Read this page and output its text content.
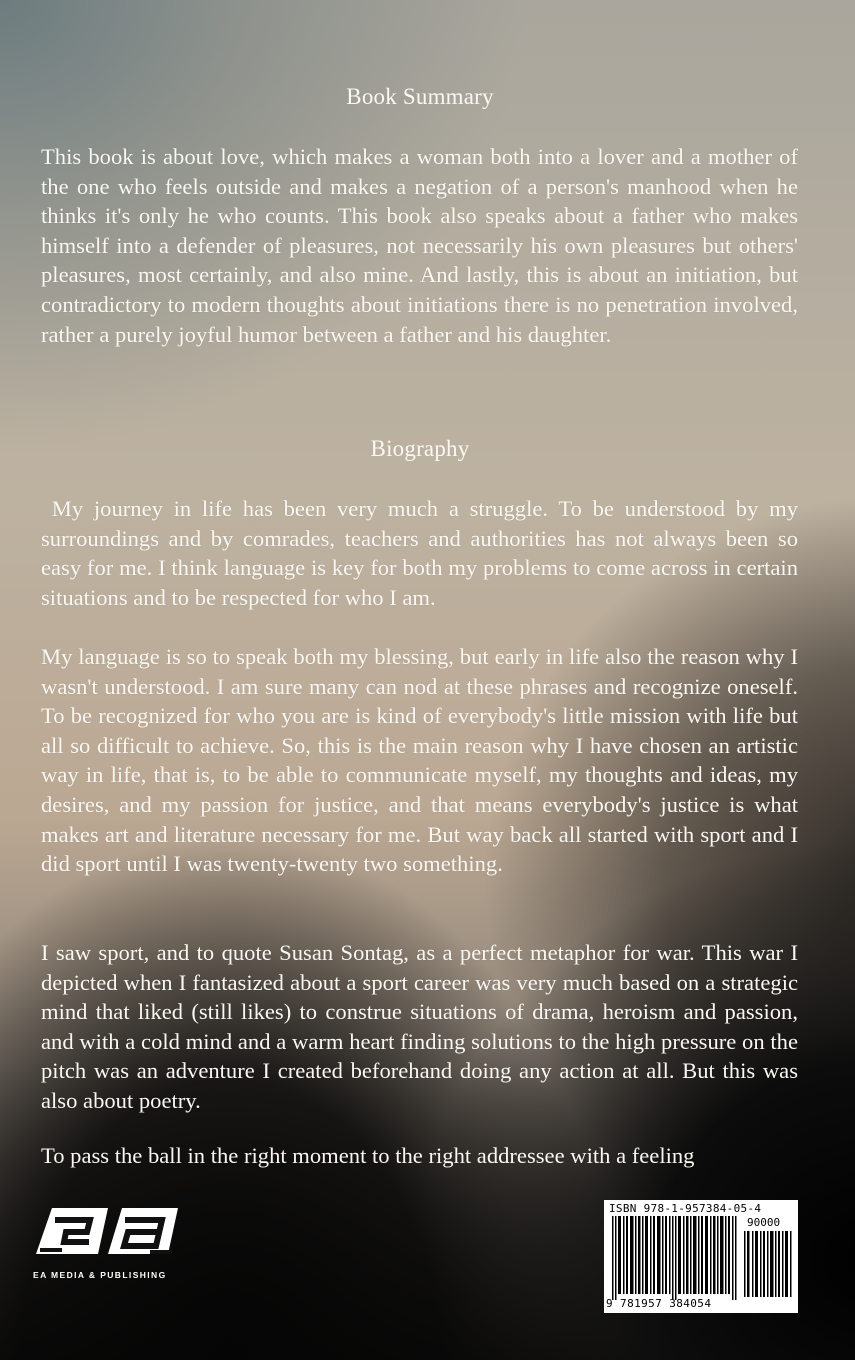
Book Summary

This book is about love, which makes a woman both into a lover and a mother of the one who feels outside and makes a negation of a person's manhood when he thinks it's only he who counts. This book also speaks about a father who makes himself into a defender of pleasures, not necessarily his own pleasures but others' pleasures, most certainly, and also mine. And lastly, this is about an initiation, but contradictory to modern thoughts about initiations there is no penetration involved, rather a purely joyful humor between a father and his daughter.

Biography

My journey in life has been very much a struggle. To be understood by my surroundings and by comrades, teachers and authorities has not always been so easy for me. I think language is key for both my problems to come across in certain situations and to be respected for who I am.

My language is so to speak both my blessing, but early in life also the reason why I wasn't understood. I am sure many can nod at these phrases and recognize oneself. To be recognized for who you are is kind of everybody's little mission with life but all so difficult to achieve. So, this is the main reason why I have chosen an artistic way in life, that is, to be able to communicate myself, my thoughts and ideas, my desires, and my passion for justice, and that means everybody's justice is what makes art and literature necessary for me. But way back all started with sport and I did sport until I was twenty-twenty two something.

I saw sport, and to quote Susan Sontag, as a perfect metaphor for war. This war I depicted when I fantasized about a sport career was very much based on a strategic mind that liked (still likes) to construe situations of drama, heroism and passion, and with a cold mind and a warm heart finding solutions to the high pressure on the pitch was an adventure I created beforehand doing any action at all. But this was also about poetry.

To pass the ball in the right moment to the right addressee with a feeling

EA MEDIA & PUBLISHING
ISBN 978-1-957384-05-4
90000
9 781957 384054
